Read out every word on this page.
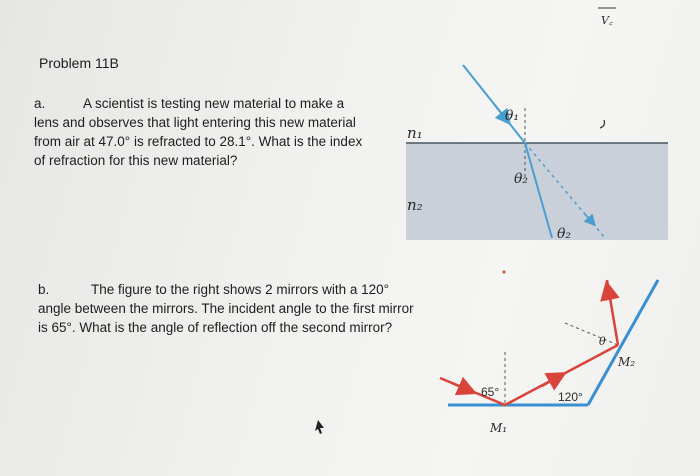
Problem 11B
a.	A scientist is testing new material to make a lens and observes that light entering this new material from air at 47.0° is refracted to 28.1°. What is the index of refraction for this new material?
b.	The figure to the right shows 2 mirrors with a 120° angle between the mirrors. The incident angle to the first mirror is 65°. What is the angle of reflection off the second mirror?
n₁
n₂
θ₁
θ₂
θ₂
65°	120°
θ
M₁
M₂
V꜀
